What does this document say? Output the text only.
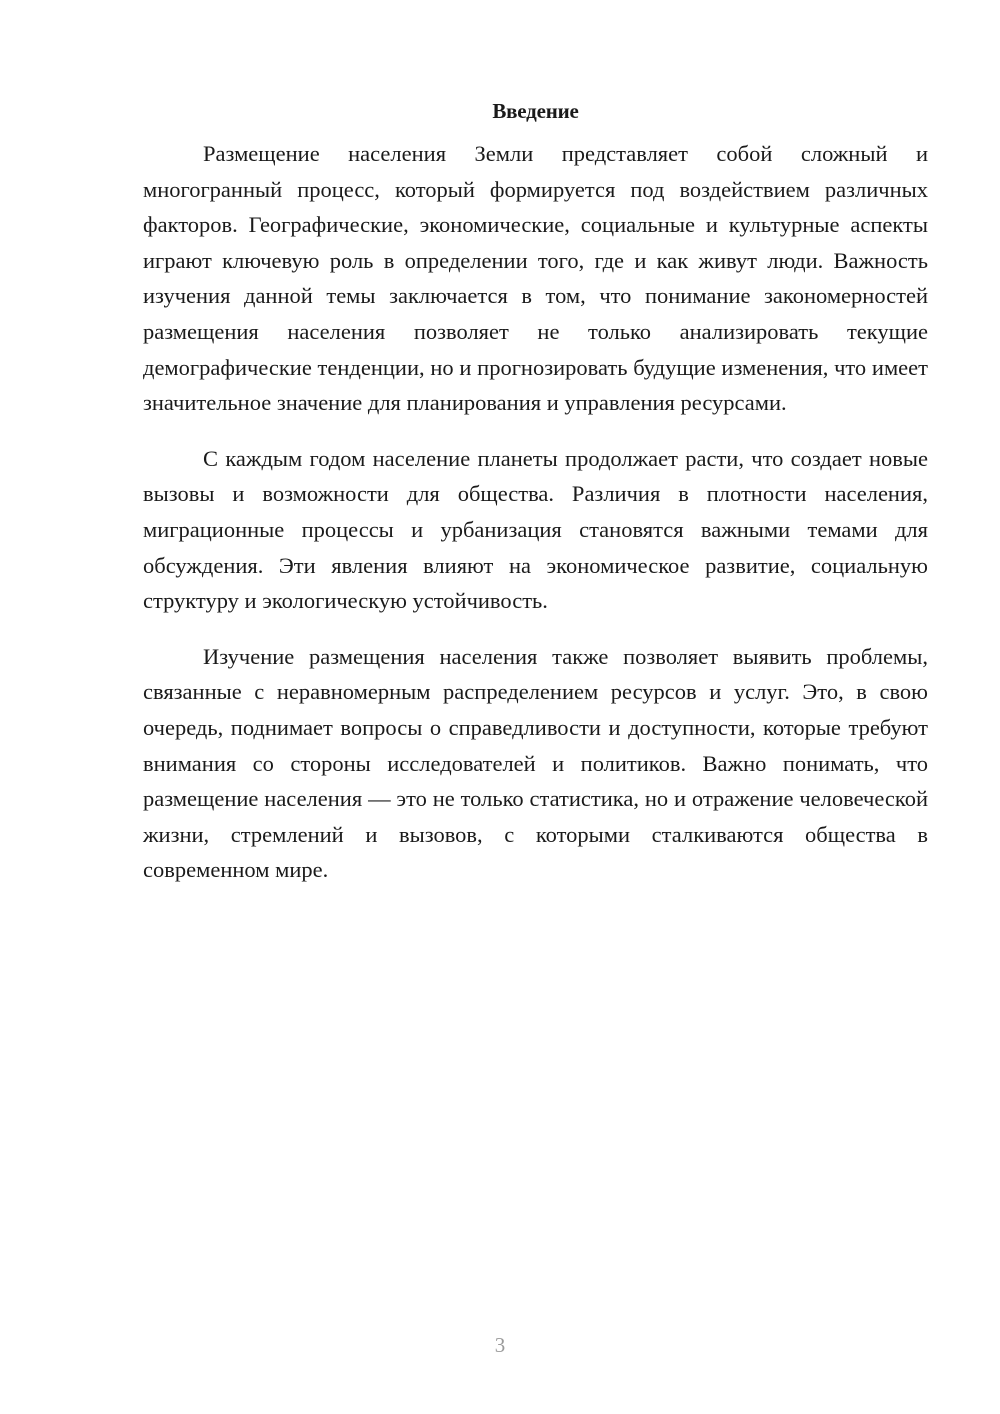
Введение

Размещение населения Земли представляет собой сложный и многогранный процесс, который формируется под воздействием различных факторов. Географические, экономические, социальные и культурные аспекты играют ключевую роль в определении того, где и как живут люди. Важность изучения данной темы заключается в том, что понимание закономерностей размещения населения позволяет не только анализировать текущие демографические тенденции, но и прогнозировать будущие изменения, что имеет значительное значение для планирования и управления ресурсами.

С каждым годом население планеты продолжает расти, что создает новые вызовы и возможности для общества. Различия в плотности населения, миграционные процессы и урбанизация становятся важными темами для обсуждения. Эти явления влияют на экономическое развитие, социальную структуру и экологическую устойчивость.

Изучение размещения населения также позволяет выявить проблемы, связанные с неравномерным распределением ресурсов и услуг. Это, в свою очередь, поднимает вопросы о справедливости и доступности, которые требуют внимания со стороны исследователей и политиков. Важно понимать, что размещение населения — это не только статистика, но и отражение человеческой жизни, стремлений и вызовов, с которыми сталкиваются общества в современном мире.

3
